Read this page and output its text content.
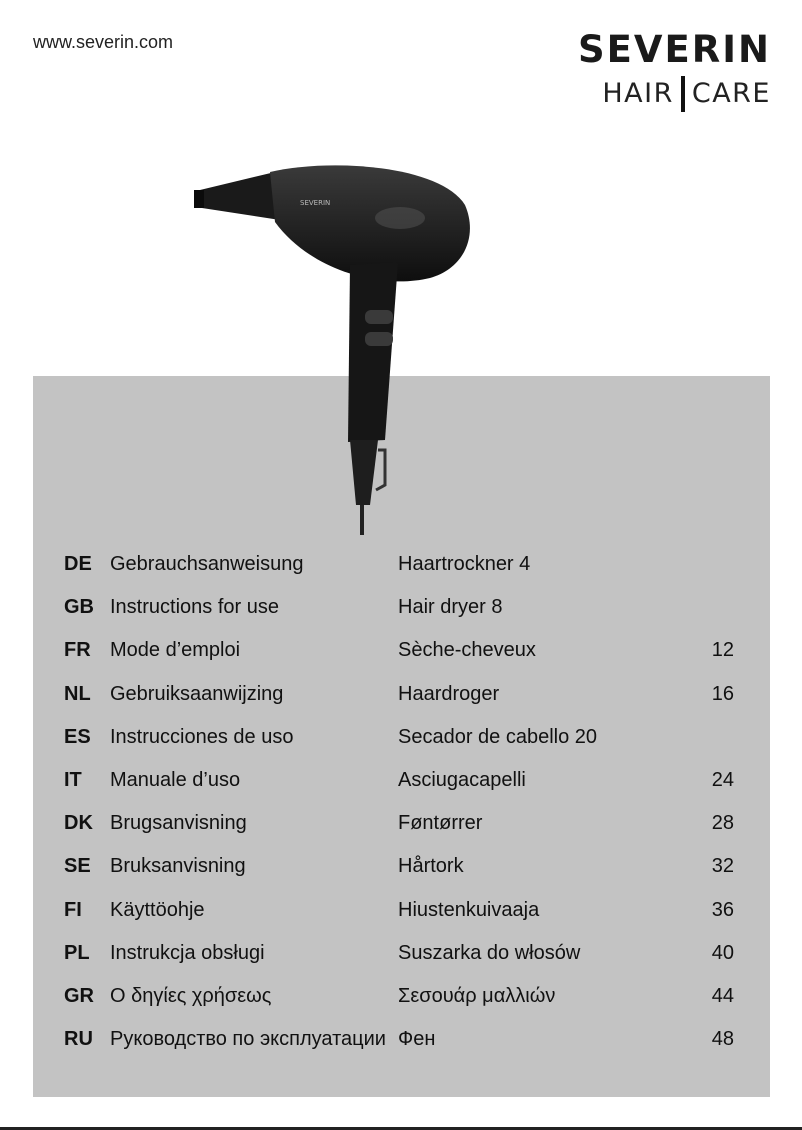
www.severin.com	SEVERIN
HAIR CARE
SEVERIN
DE Gebrauchsanweisung	Haartrockner 4
GB Instructions for use	Hair dryer 8
FR Mode d’emploi	Sèche-cheveux	12
NL Gebruiksaanwijzing	Haardroger	16
ES Instrucciones de uso	Secador de cabello 20
IT Manuale d’uso	Asciugacapelli	24
DK Brugsanvisning	Føntørrer	28
SE Bruksanvisning	Hårtork	32
FI Käyttöohje	Hiustenkuivaaja	36
PL Instrukcja obsługi	Suszarka do włosów	40
GR Ο δηγίες χρήσεως	Σεσουάρ μαλλιών	44
RU Руководство по эксплуатации Фен	48
